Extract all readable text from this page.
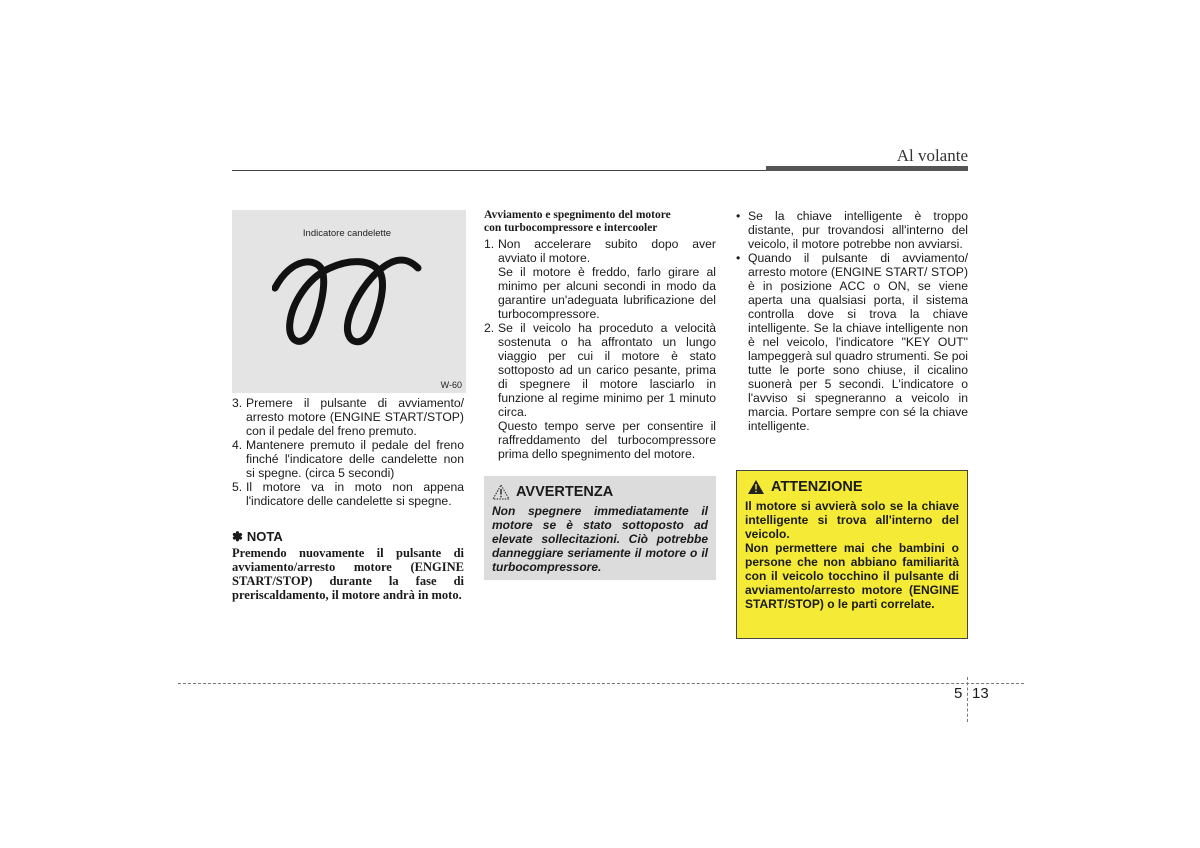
Al volante
Indicatore candelette
W-60
3. Premere il pulsante di avviamento/ arresto motore (ENGINE START/STOP) con il pedale del freno premuto.
4. Mantenere premuto il pedale del freno finché l'indicatore delle candelette non si spegne. (circa 5 secondi)
5. Il motore va in moto non appena l'indicatore delle candelette si spegne.
✽ NOTA
Premendo nuovamente il pulsante di avviamento/arresto motore (ENGINE START/STOP) durante la fase di preriscaldamento, il motore andrà in moto.
Avviamento e spegnimento del motore
con turbocompressore e intercooler
1. Non accelerare subito dopo aver avviato il motore.

Se il motore è freddo, farlo girare al minimo per alcuni secondi in modo da garantire un'adeguata lubrificazione del turbocompressore.

2. Se il veicolo ha proceduto a velocità sostenuta o ha affrontato un lungo viaggio per cui il motore è stato sottoposto ad un carico pesante, prima di spegnere il motore lasciarlo in funzione al regime minimo per 1 minuto circa.

Questo tempo serve per consentire il raffreddamento del turbocompressore prima dello spegnimento del motore.

AVVERTENZA
Non spegnere immediatamente il motore se è stato sottoposto ad elevate sollecitazioni. Ciò potrebbe danneggiare seriamente il motore o il turbocompressore.
• Se la chiave intelligente è troppo distante, pur trovandosi all'interno del veicolo, il motore potrebbe non avviarsi.
• Quando il pulsante di avviamento/ arresto motore (ENGINE START/ STOP) è in posizione ACC o ON, se viene aperta una qualsiasi porta, il sistema controlla dove si trova la chiave intelligente. Se la chiave intelligente non è nel veicolo, l'indicatore "KEY OUT" lampeggerà sul quadro strumenti. Se poi tutte le porte sono chiuse, il cicalino suonerà per 5 secondi. L'indicatore o l'avviso si spegneranno a veicolo in marcia. Portare sempre con sé la chiave intelligente.
ATTENZIONE

Il motore si avvierà solo se la chiave intelligente si trova all'interno del veicolo.

Non permettere mai che bambini o persone che non abbiano familiarità con il veicolo tocchino il pulsante di avviamento/arresto motore (ENGINE START/STOP) o le parti correlate.

5 13
